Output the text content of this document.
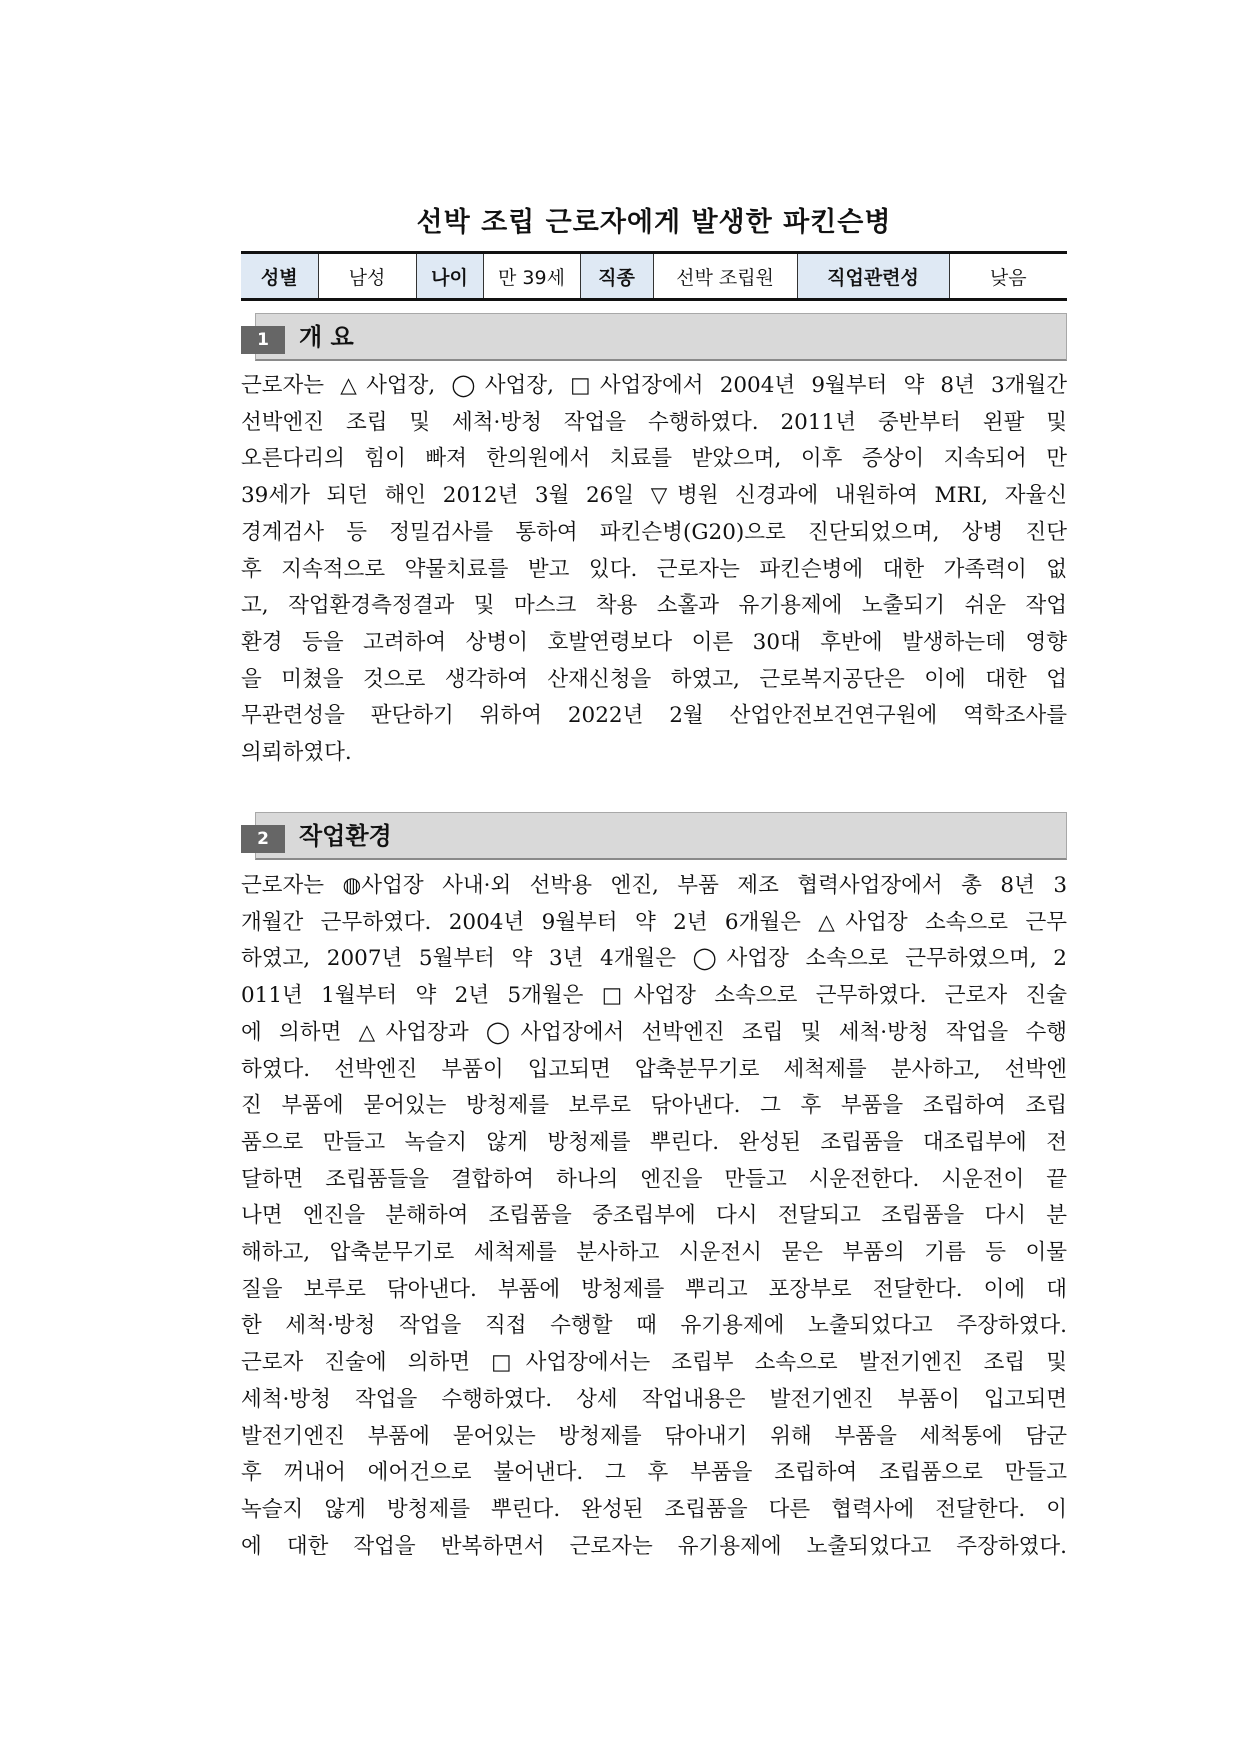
선박 조립 근로자에게 발생한 파킨슨병
성별	남성	나이	만 39세	직종	선박 조립원	직업관련성	낮음
1	개 요
근로자는 △사업장, ◯사업장, □사업장에서 2004년 9월부터 약 8년 3개월간
선박엔진 조립 및 세척·방청 작업을 수행하였다. 2011년 중반부터 왼팔 및
오른다리의 힘이 빠져 한의원에서 치료를 받았으며, 이후 증상이 지속되어 만
39세가 되던 해인 2012년 3월 26일 ▽병원 신경과에 내원하여 MRI, 자율신
경계검사 등 정밀검사를 통하여 파킨슨병(G20)으로 진단되었으며, 상병 진단
후 지속적으로 약물치료를 받고 있다. 근로자는 파킨슨병에 대한 가족력이 없
고, 작업환경측정결과 및 마스크 착용 소홀과 유기용제에 노출되기 쉬운 작업
환경 등을 고려하여 상병이 호발연령보다 이른 30대 후반에 발생하는데 영향
을 미쳤을 것으로 생각하여 산재신청을 하였고, 근로복지공단은 이에 대한 업
무관련성을 판단하기 위하여 2022년 2월 산업안전보건연구원에 역학조사를
의뢰하였다.
2	작업환경
근로자는 ◍사업장 사내·외 선박용 엔진, 부품 제조 협력사업장에서 총 8년 3
개월간 근무하였다. 2004년 9월부터 약 2년 6개월은 △사업장 소속으로 근무
하였고, 2007년 5월부터 약 3년 4개월은 ◯사업장 소속으로 근무하였으며, 2
011년 1월부터 약 2년 5개월은 □사업장 소속으로 근무하였다. 근로자 진술
에 의하면 △사업장과 ◯사업장에서 선박엔진 조립 및 세척·방청 작업을 수행
하였다. 선박엔진 부품이 입고되면 압축분무기로 세척제를 분사하고, 선박엔
진 부품에 묻어있는 방청제를 보루로 닦아낸다. 그 후 부품을 조립하여 조립
품으로 만들고 녹슬지 않게 방청제를 뿌린다. 완성된 조립품을 대조립부에 전
달하면 조립품들을 결합하여 하나의 엔진을 만들고 시운전한다. 시운전이 끝
나면 엔진을 분해하여 조립품을 중조립부에 다시 전달되고 조립품을 다시 분
해하고, 압축분무기로 세척제를 분사하고 시운전시 묻은 부품의 기름 등 이물
질을 보루로 닦아낸다. 부품에 방청제를 뿌리고 포장부로 전달한다. 이에 대
한 세척·방청 작업을 직접 수행할 때 유기용제에 노출되었다고 주장하였다.
근로자 진술에 의하면 □사업장에서는 조립부 소속으로 발전기엔진 조립 및
세척·방청 작업을 수행하였다. 상세 작업내용은 발전기엔진 부품이 입고되면
발전기엔진 부품에 묻어있는 방청제를 닦아내기 위해 부품을 세척통에 담군
후 꺼내어 에어건으로 불어낸다. 그 후 부품을 조립하여 조립품으로 만들고
녹슬지 않게 방청제를 뿌린다. 완성된 조립품을 다른 협력사에 전달한다. 이
에 대한 작업을 반복하면서 근로자는 유기용제에 노출되었다고 주장하였다.
